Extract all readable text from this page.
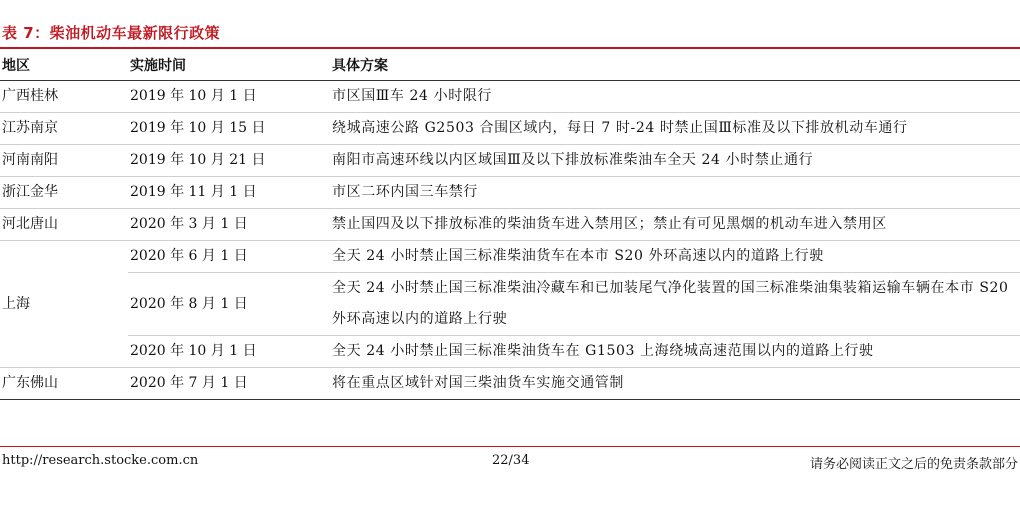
表 7：柴油机动车最新限行政策
地区	实施时间	具体方案
广西桂林	2019 年 10 月 1 日	市区国Ⅲ车 24 小时限行
江苏南京	2019 年 10 月 15 日	绕城高速公路 G2503 合围区域内，每日 7 时-24 时禁止国Ⅲ标准及以下排放机动车通行
河南南阳	2019 年 10 月 21 日	南阳市高速环线以内区域国Ⅲ及以下排放标准柴油车全天 24 小时禁止通行
浙江金华	2019 年 11 月 1 日	市区二环内国三车禁行
河北唐山	2020 年 3 月 1 日	禁止国四及以下排放标准的柴油货车进入禁用区；禁止有可见黑烟的机动车进入禁用区
上海	2020 年 6 月 1 日	全天 24 小时禁止国三标准柴油货车在本市 S20 外环高速以内的道路上行驶
	2020 年 8 月 1 日	全天 24 小时禁止国三标准柴油冷藏车和已加装尾气净化装置的国三标准柴油集装箱运输车辆在本市 S20 外环高速以内的道路上行驶
	2020 年 10 月 1 日	全天 24 小时禁止国三标准柴油货车在 G1503 上海绕城高速范围以内的道路上行驶
广东佛山	2020 年 7 月 1 日	将在重点区域针对国三柴油货车实施交通管制
http://research.stocke.com.cn	22/34	请务必阅读正文之后的免责条款部分
